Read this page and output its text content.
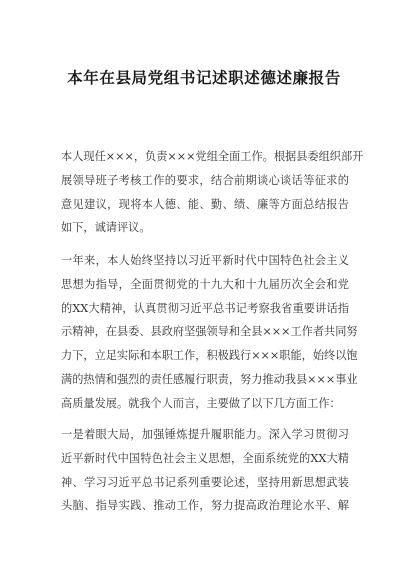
本年在县局党组书记述职述德述廉报告
本人现任×××，负责×××党组全面工作。根据县委组织部开
展领导班子考核工作的要求，结合前期谈心谈话等征求的
意见建议，现将本人德、能、勤、绩、廉等方面总结报告
如下，诚请评议。
一年来，本人始终坚持以习近平新时代中国特色社会主义
思想为指导，全面贯彻党的十九大和十九届历次全会和党
的XX大精神，认真贯彻习近平总书记考察我省重要讲话指
示精神，在县委、县政府坚强领导和全县×××工作者共同努
力下，立足实际和本职工作，积极践行×××职能，始终以饱
满的热情和强烈的责任感履行职责，努力推动我县×××事业
高质量发展。就我个人而言，主要做了以下几方面工作：
一是着眼大局，加强锤炼提升履职能力。深入学习贯彻习
近平新时代中国特色社会主义思想，全面系统党的XX大精
神、学习习近平总书记系列重要论述，坚持用新思想武装
头脑、指导实践、推动工作，努力提高政治理论水平、解
